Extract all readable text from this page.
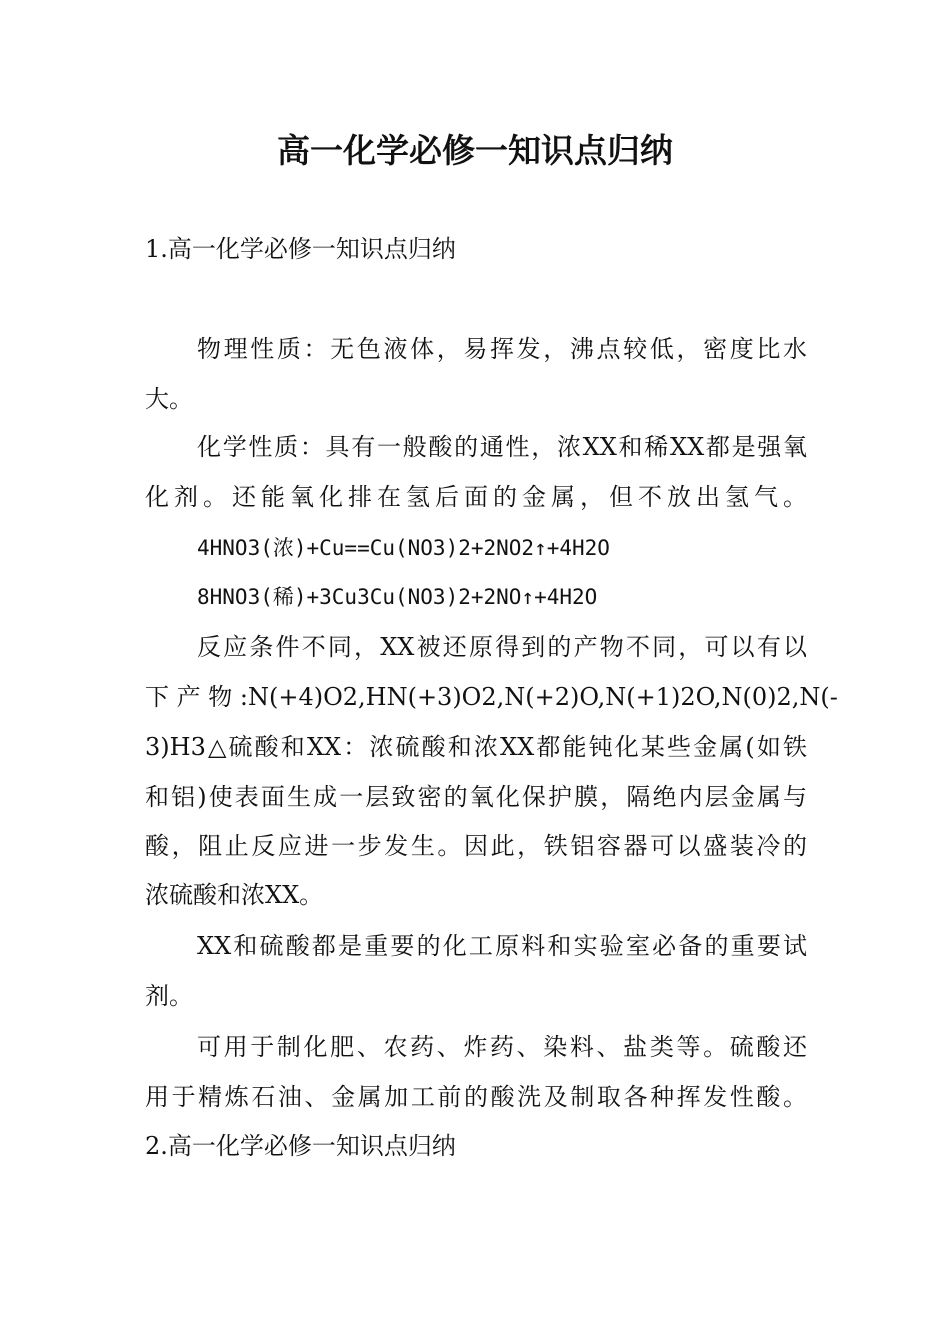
高一化学必修一知识点归纳
1.高一化学必修一知识点归纳
物理性质：无色液体，易挥发，沸点较低，密度比水
大。
化学性质：具有一般酸的通性，浓XX和稀XX都是强氧
化剂。还能氧化排在氢后面的金属，但不放出氢气。
4HNO3(浓)+Cu==Cu(NO3)2+2NO2↑+4H2O
8HNO3(稀)+3Cu3Cu(NO3)2+2NO↑+4H2O
反应条件不同，XX被还原得到的产物不同，可以有以
下 产 物 :N(+4)O2,HN(+3)O2,N(+2)O,N(+1)2O,N(0)2,N(-
3)H3△硫酸和XX：浓硫酸和浓XX都能钝化某些金属(如铁
和铝)使表面生成一层致密的氧化保护膜，隔绝内层金属与
酸，阻止反应进一步发生。因此，铁铝容器可以盛装冷的
浓硫酸和浓XX。
XX和硫酸都是重要的化工原料和实验室必备的重要试
剂。
可用于制化肥、农药、炸药、染料、盐类等。硫酸还
用于精炼石油、金属加工前的酸洗及制取各种挥发性酸。
2.高一化学必修一知识点归纳
